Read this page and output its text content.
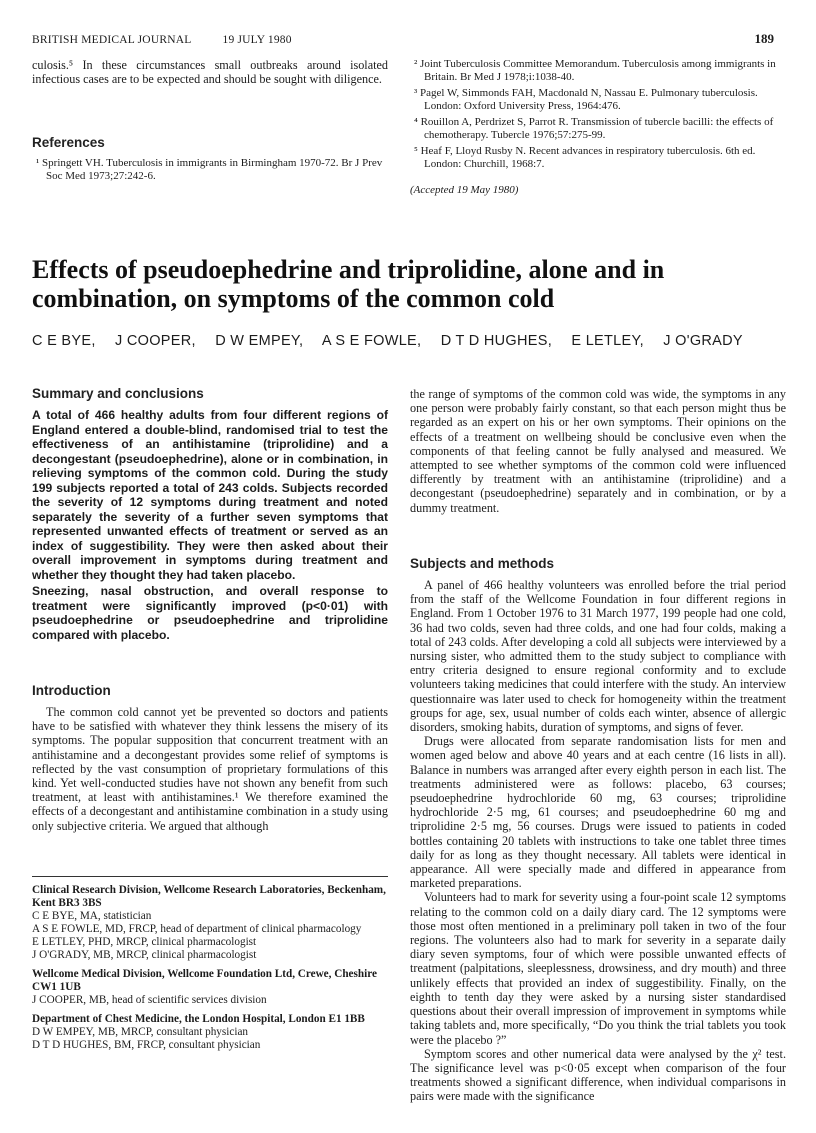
BRITISH MEDICAL JOURNAL	19 JULY 1980	189

culosis.⁵ In these circumstances small outbreaks around isolated infectious cases are to be expected and should be sought with diligence.

References

¹ Springett VH. Tuberculosis in immigrants in Birmingham 1970-72. Br J Prev Soc Med 1973;27:242-6.

² Joint Tuberculosis Committee Memorandum. Tuberculosis among immigrants in Britain. Br Med J 1978;i:1038-40.

³ Pagel W, Simmonds FAH, Macdonald N, Nassau E. Pulmonary tuberculosis. London: Oxford University Press, 1964:476.

⁴ Rouillon A, Perdrizet S, Parrot R. Transmission of tubercle bacilli: the effects of chemotherapy. Tubercle 1976;57:275-99.

⁵ Heaf F, Lloyd Rusby N. Recent advances in respiratory tuberculosis. 6th ed. London: Churchill, 1968:7.

(Accepted 19 May 1980)

Effects of pseudoephedrine and triprolidine, alone and in combination, on symptoms of the common cold
C E BYE, J COOPER, D W EMPEY, A S E FOWLE, D T D HUGHES, E LETLEY, J O'GRADY
Summary and conclusions

A total of 466 healthy adults from four different regions of England entered a double-blind, randomised trial to test the effectiveness of an antihistamine (triprolidine) and a decongestant (pseudoephedrine), alone or in combination, in relieving symptoms of the common cold. During the study 199 subjects reported a total of 243 colds. Subjects recorded the severity of 12 symptoms during treatment and noted separately the severity of a further seven symptoms that represented unwanted effects of treatment or served as an index of suggestibility. They were then asked about their overall improvement in symptoms during treatment and whether they thought they had taken placebo.

Sneezing, nasal obstruction, and overall response to treatment were significantly improved (p<0·01) with pseudoephedrine or pseudoephedrine and triprolidine compared with placebo.

Introduction

The common cold cannot yet be prevented so doctors and patients have to be satisfied with whatever they think lessens the misery of its symptoms. The popular supposition that concurrent treatment with an antihistamine and a decongestant provides some relief of symptoms is reflected by the vast consumption of proprietary formulations of this kind. Yet well-conducted studies have not shown any benefit from such treatment, at least with antihistamines.¹ We therefore examined the effects of a decongestant and antihistamine combination in a study using only subjective criteria. We argued that although

Clinical Research Division, Wellcome Research Laboratories, Beckenham, Kent BR3 3BS
C E BYE, MA, statistician
A S E FOWLE, MD, FRCP, head of department of clinical pharmacology
E LETLEY, PHD, MRCP, clinical pharmacologist
J O'GRADY, MB, MRCP, clinical pharmacologist
Wellcome Medical Division, Wellcome Foundation Ltd, Crewe, Cheshire CW1 1UB
J COOPER, MB, head of scientific services division
Department of Chest Medicine, the London Hospital, London E1 1BB
D W EMPEY, MB, MRCP, consultant physician
D T D HUGHES, BM, FRCP, consultant physician

the range of symptoms of the common cold was wide, the symptoms in any one person were probably fairly constant, so that each person might thus be regarded as an expert on his or her own symptoms. Their opinions on the effects of a treatment on wellbeing should be conclusive even when the components of that feeling cannot be fully analysed and measured. We attempted to see whether symptoms of the common cold were influenced differently by treatment with an antihistamine (triprolidine) and a decongestant (pseudoephedrine) separately and in combination, or by a dummy treatment.

Subjects and methods

A panel of 466 healthy volunteers was enrolled before the trial period from the staff of the Wellcome Foundation in four different regions in England. From 1 October 1976 to 31 March 1977, 199 people had one cold, 36 had two colds, seven had three colds, and one had four colds, making a total of 243 colds. After developing a cold all subjects were interviewed by a nursing sister, who admitted them to the study subject to compliance with entry criteria designed to ensure regional conformity and to exclude volunteers taking medicines that could interfere with the study. An interview questionnaire was later used to check for homogeneity within the treatment groups for age, sex, usual number of colds each winter, absence of allergic disorders, smoking habits, duration of symptoms, and signs of fever.

Drugs were allocated from separate randomisation lists for men and women aged below and above 40 years and at each centre (16 lists in all). Balance in numbers was arranged after every eighth person in each list. The treatments administered were as follows: placebo, 63 courses; pseudoephedrine hydrochloride 60 mg, 63 courses; triprolidine hydrochloride 2·5 mg, 61 courses; and pseudoephedrine 60 mg and triprolidine 2·5 mg, 56 courses. Drugs were issued to patients in coded bottles containing 20 tablets with instructions to take one tablet three times daily for as long as they thought necessary. All tablets were identical in appearance. All were specially made and differed in appearance from marketed preparations.

Volunteers had to mark for severity using a four-point scale 12 symptoms relating to the common cold on a daily diary card. The 12 symptoms were those most often mentioned in a preliminary poll taken in two of the four regions. The volunteers also had to mark for severity in a separate daily diary seven symptoms, four of which were possible unwanted effects of treatment (palpitations, sleeplessness, drowsiness, and dry mouth) and three unlikely effects that provided an index of suggestibility. Finally, on the eighth to tenth day they were asked by a nursing sister standardised questions about their overall impression of improvement in symptoms while taking tablets and, more specifically, “Do you think the trial tablets you took were the placebo ?”

Symptom scores and other numerical data were analysed by the χ² test. The significance level was p<0·05 except when comparison of the four treatments showed a significant difference, when individual comparisons in pairs were made with the significance
